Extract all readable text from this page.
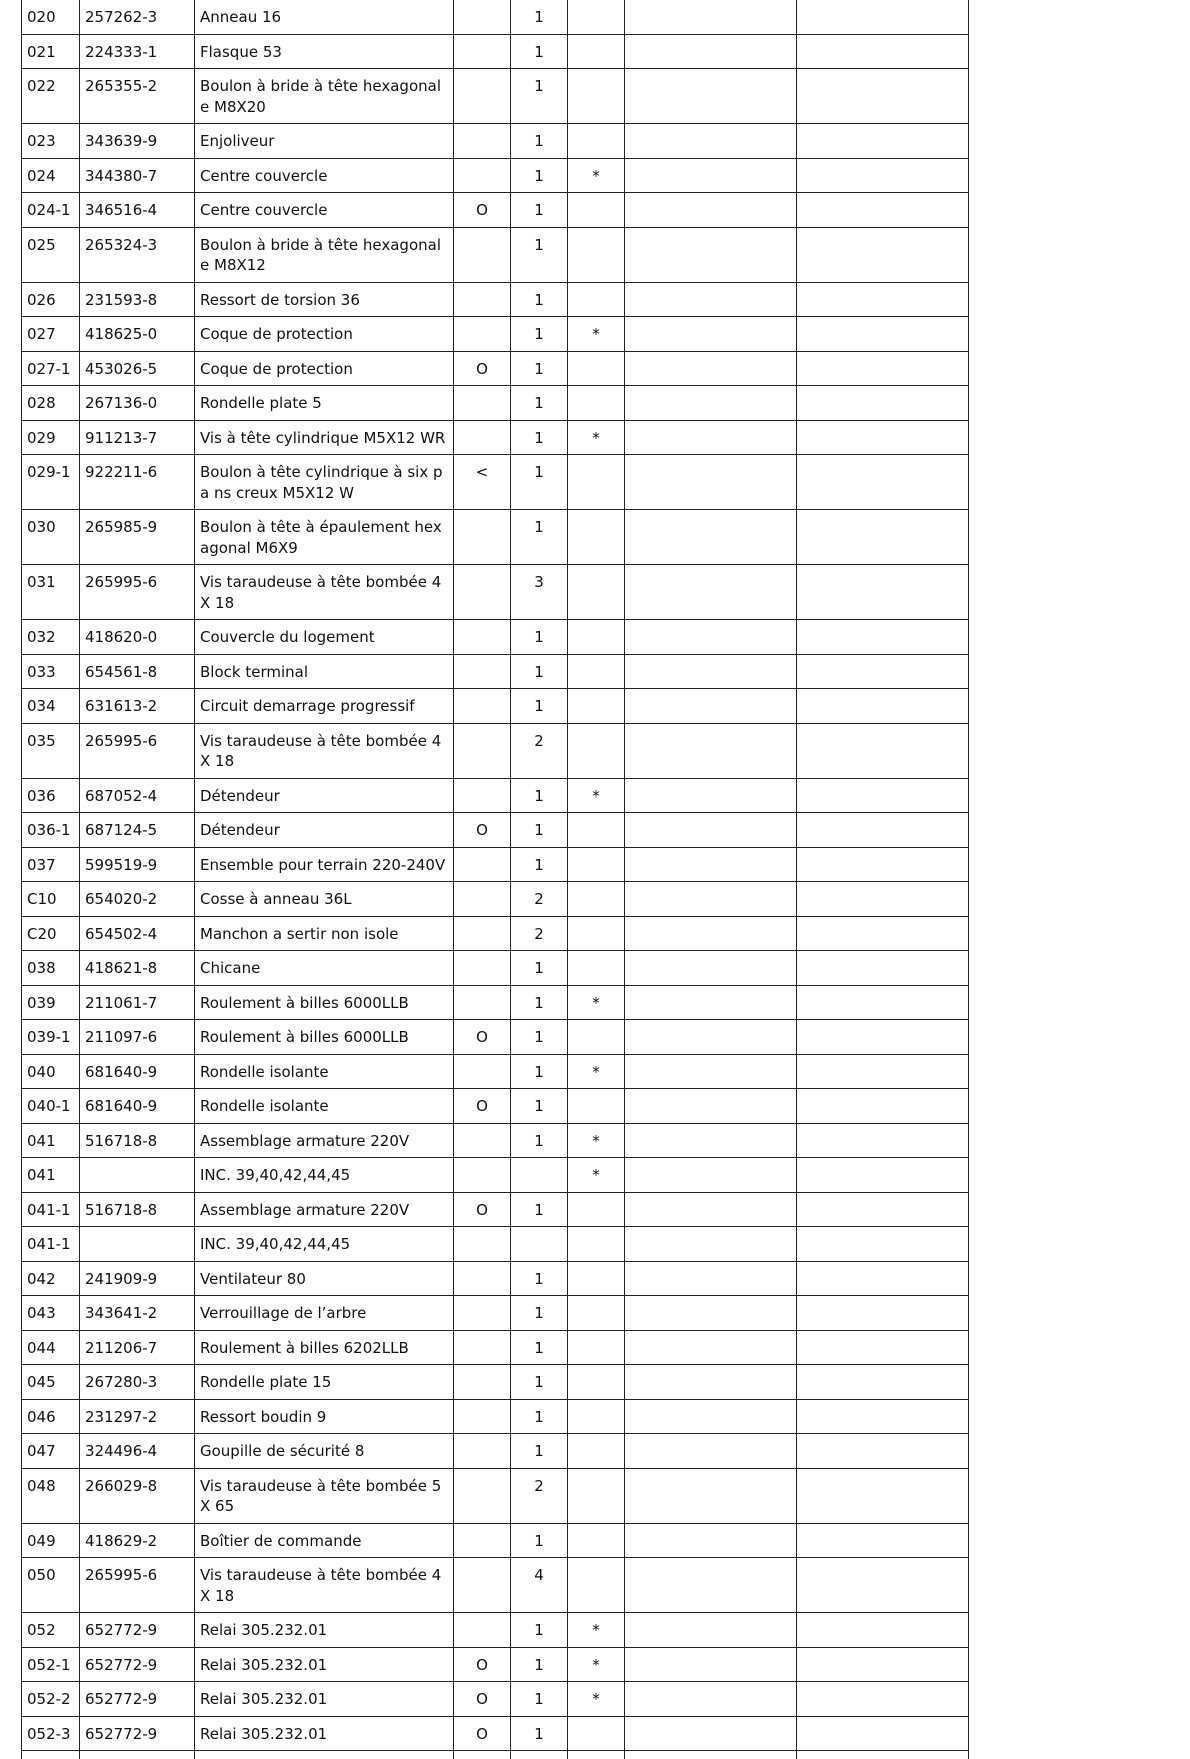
020	257262-3	Anneau 16		1			
021	224333-1	Flasque 53		1			
022	265355-2	Boulon à bride à tête hexagonal e M8X20		1			
023	343639-9	Enjoliveur		1			
024	344380-7	Centre couvercle		1	*		
024-1	346516-4	Centre couvercle	O	1			
025	265324-3	Boulon à bride à tête hexagonal e M8X12		1			
026	231593-8	Ressort de torsion 36		1			
027	418625-0	Coque de protection		1	*		
027-1	453026-5	Coque de protection	O	1			
028	267136-0	Rondelle plate 5		1			
029	911213-7	Vis à tête cylindrique M5X12 WR		1	*		
029-1	922211-6	Boulon à tête cylindrique à six pa ns creux M5X12 W	<	1			
030	265985-9	Boulon à tête à épaulement hex agonal M6X9		1			
031	265995-6	Vis taraudeuse à tête bombée 4X 18		3			
032	418620-0	Couvercle du logement		1			
033	654561-8	Block terminal		1			
034	631613-2	Circuit demarrage progressif		1			
035	265995-6	Vis taraudeuse à tête bombée 4X 18		2			
036	687052-4	Détendeur		1	*		
036-1	687124-5	Détendeur	O	1			
037	599519-9	Ensemble pour terrain 220-240V		1			
C10	654020-2	Cosse à anneau 36L		2			
C20	654502-4	Manchon a sertir non isole		2			
038	418621-8	Chicane		1			
039	211061-7	Roulement à billes 6000LLB		1	*		
039-1	211097-6	Roulement à billes 6000LLB	O	1			
040	681640-9	Rondelle isolante		1	*		
040-1	681640-9	Rondelle isolante	O	1			
041	516718-8	Assemblage armature 220V		1	*		
041		INC. 39,40,42,44,45			*		
041-1	516718-8	Assemblage armature 220V	O	1			
041-1		INC. 39,40,42,44,45					
042	241909-9	Ventilateur 80		1			
043	343641-2	Verrouillage de l’arbre		1			
044	211206-7	Roulement à billes 6202LLB		1			
045	267280-3	Rondelle plate 15		1			
046	231297-2	Ressort boudin 9		1			
047	324496-4	Goupille de sécurité 8		1			
048	266029-8	Vis taraudeuse à tête bombée 5X 65		2			
049	418629-2	Boîtier de commande		1			
050	265995-6	Vis taraudeuse à tête bombée 4X 18		4			
052	652772-9	Relai 305.232.01		1	*		
052-1	652772-9	Relai 305.232.01	O	1	*		
052-2	652772-9	Relai 305.232.01	O	1	*		
052-3	652772-9	Relai 305.232.01	O	1			
